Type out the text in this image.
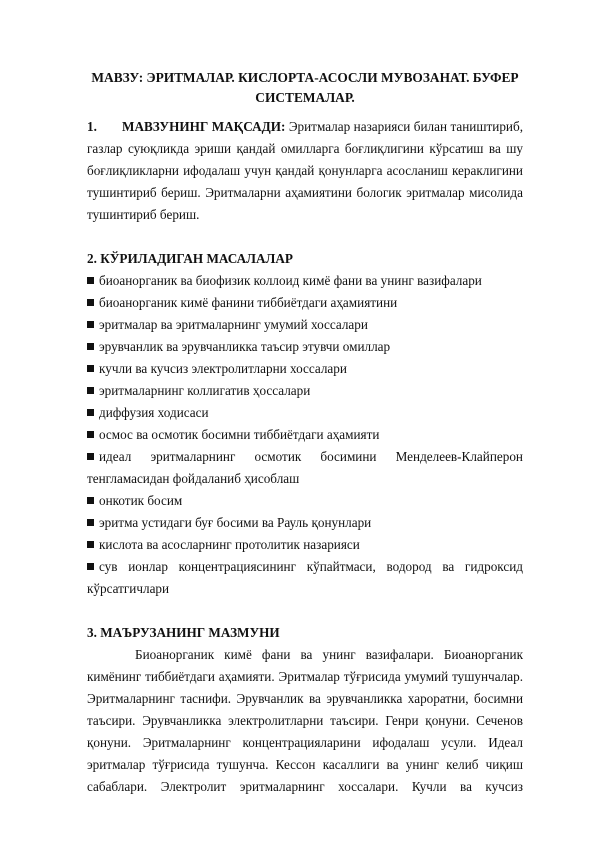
МАВЗУ: ЭРИТМАЛАР. КИСЛОРТА-АСОСЛИ МУВОЗАНАТ. БУФЕР СИСТЕМАЛАР.

1. МАВЗУНИНГ МАҚСАДИ: Эритмалар назарияси билан таништириб, газлар суюқликда эриши қандай омилларга боғлиқлигини кўрсатиш ва шу боғлиқликларни ифодалаш учун қандай қонунларга асосланиш кераклигини тушинтириб бериш. Эритмаларни аҳамиятини бологик эритмалар мисолида тушинтириб бериш.

2. КЎРИЛАДИГАН МАСАЛАЛАР

биоанорганик ва биофизик коллоид кимё фани ва унинг вазифалари
биоанорганик кимё фанини тиббиётдаги аҳамиятини
эритмалар ва эритмаларнинг умумий хоссалари
эрувчанлик ва эрувчанликка таъсир этувчи омиллар
кучли ва кучсиз электролитларни хоссалари
эритмаларнинг коллигатив ҳоссалари
диффузия ходисаси
осмос ва осмотик босимни тиббиётдаги аҳамияти
идеал эритмаларнинг осмотик босимини Менделеев-Клайперон тенгламасидан фойдаланиб ҳисоблаш
онкотик босим
эритма устидаги буғ босими ва Рауль қонунлари
кислота ва асосларнинг протолитик назарияси
сув ионлар концентрациясининг кўпайтмаси, водород ва гидроксид кўрсатгичлари

3. МАЪРУЗАНИНГ МАЗМУНИ

Биоанорганик кимё фани ва унинг вазифалари. Биоанорганик кимёнинг тиббиётдаги аҳамияти. Эритмалар тўғрисида умумий тушунчалар. Эритмаларнинг таснифи. Эрувчанлик ва эрувчанликка хароратни, босимни таъсири. Эрувчанликка электролитларни таъсири. Генри қонуни. Сеченов қонуни. Эритмаларнинг концентрацияларини ифодалаш усули. Идеал эритмалар тўғрисида тушунча. Кессон касаллиги ва унинг келиб чиқиш сабаблари. Электролит эритмаларнинг хоссалари. Кучли ва кучсиз
